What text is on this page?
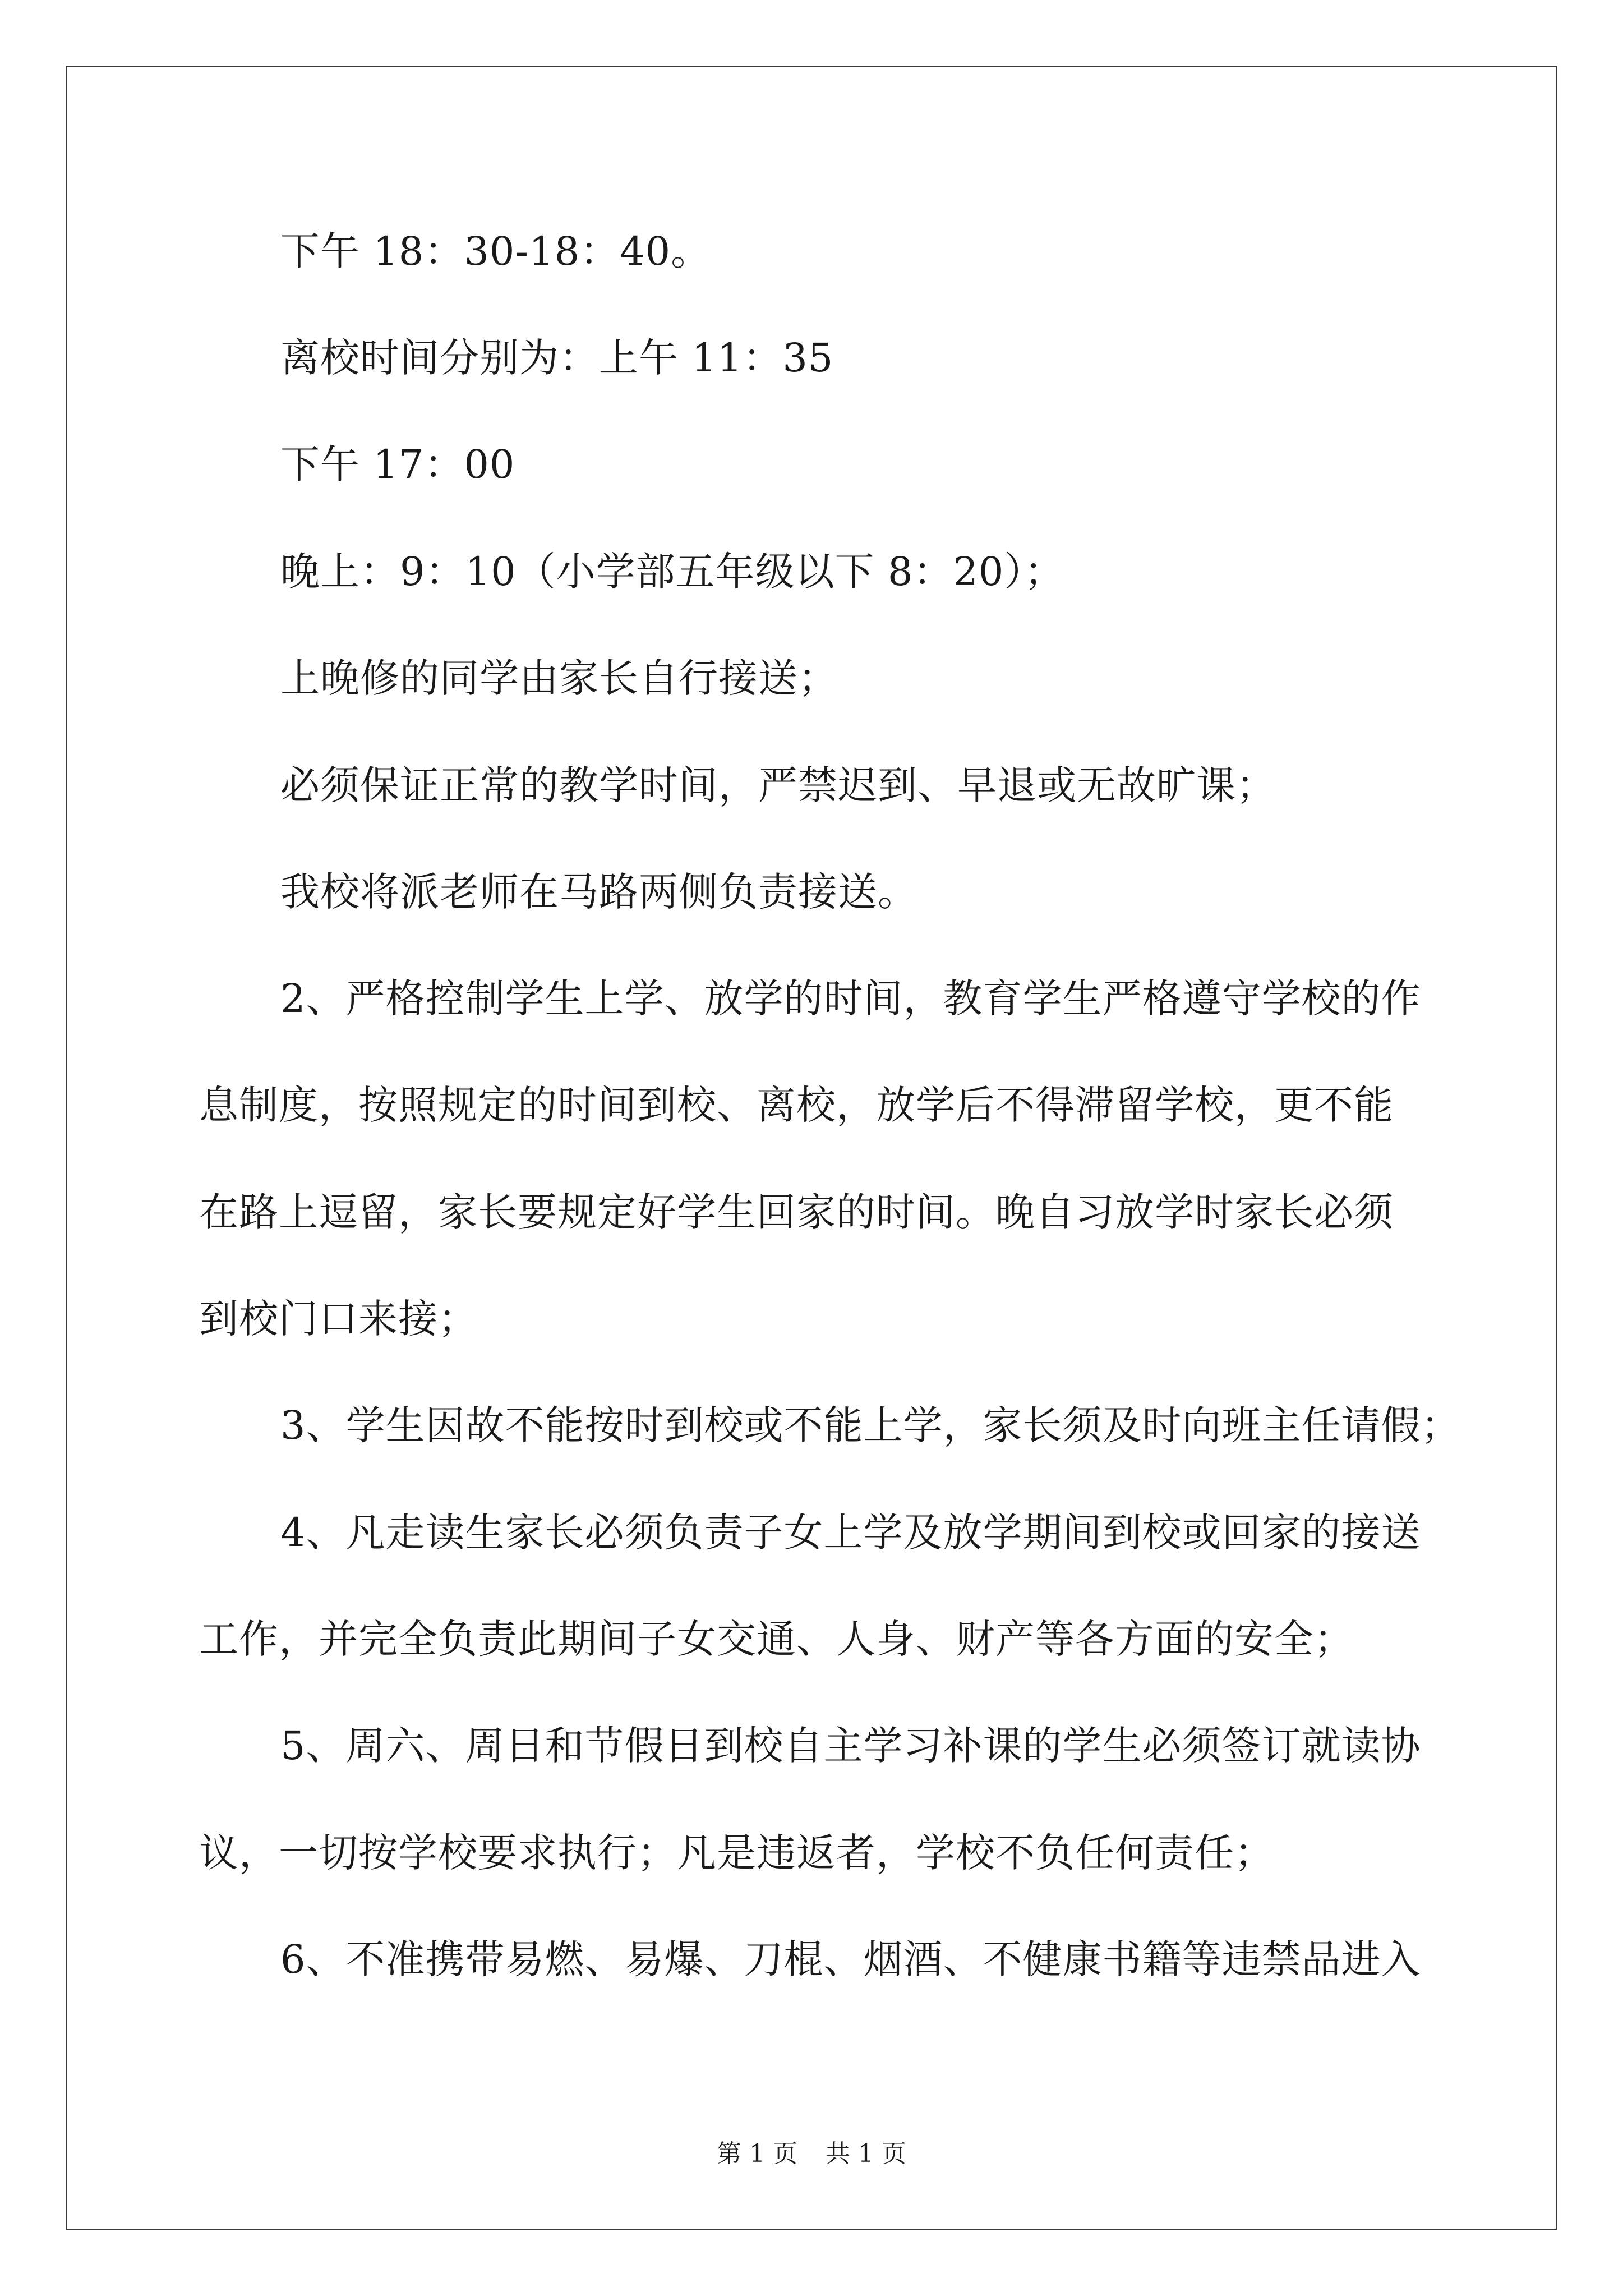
下午 18：30-18：40。
离校时间分别为：上午 11：35
下午 17：00
晚上：9：10（小学部五年级以下 8：20）；
上晚修的同学由家长自行接送；
必须保证正常的教学时间，严禁迟到、早退或无故旷课；
我校将派老师在马路两侧负责接送。
2、严格控制学生上学、放学的时间，教育学生严格遵守学校的作
息制度，按照规定的时间到校、离校，放学后不得滞留学校，更不能
在路上逗留，家长要规定好学生回家的时间。晚自习放学时家长必须
到校门口来接；
3、学生因故不能按时到校或不能上学，家长须及时向班主任请假；
4、凡走读生家长必须负责子女上学及放学期间到校或回家的接送
工作，并完全负责此期间子女交通、人身、财产等各方面的安全；
5、周六、周日和节假日到校自主学习补课的学生必须签订就读协
议，一切按学校要求执行；凡是违返者，学校不负任何责任；
6、不准携带易燃、易爆、刀棍、烟酒、不健康书籍等违禁品进入
第 1 页 共 1 页
